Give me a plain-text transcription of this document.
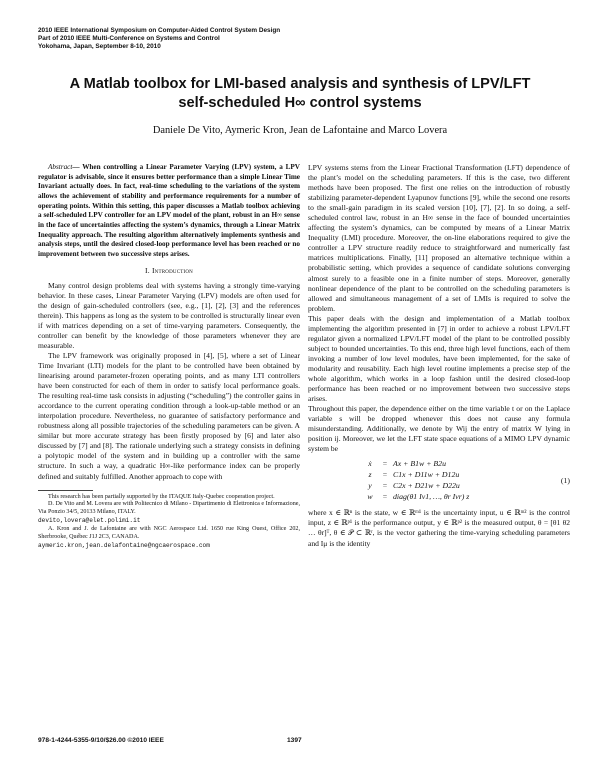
2010 IEEE International Symposium on Computer-Aided Control System Design
Part of 2010 IEEE Multi-Conference on Systems and Control
Yokohama, Japan, September 8-10, 2010
A Matlab toolbox for LMI-based analysis and synthesis of LPV/LFT
self-scheduled H∞ control systems
Daniele De Vito, Aymeric Kron, Jean de Lafontaine and Marco Lovera

Abstract— When controlling a Linear Parameter Varying (LPV) system, a LPV regulator is advisable, since it ensures better performance than a simple Linear Time Invariant actually does. In fact, real-time scheduling to the variations of the system allows the achievement of stability and performance requirements for a number of operating points. Within this setting, this paper discusses a Matlab toolbox achieving a self-scheduled LPV controller for an LPV model of the plant, robust in an H∞ sense in the face of uncertainties affecting the system’s dynamics, through a Linear Matrix Inequality approach. The resulting algorithm alternatively implements synthesis and analysis steps, until the desired closed-loop performance level has been reached or no improvement between two successive steps arises.

I. Introduction

Many control design problems deal with systems having a strongly time-varying behavior. In these cases, Linear Parameter Varying (LPV) models are often used for the design of gain-scheduled controllers (see, e.g., [1], [2], [3] and the references therein). This happens as long as the system to be controlled is structurally linear even if with matrices depending on a set of time-varying parameters. Consequently, the controller can benefit by the knowledge of those parameters whenever they are measurable.

The LPV framework was originally proposed in [4], [5], where a set of Linear Time Invariant (LTI) models for the plant to be controlled have been obtained by linearising around parameter-frozen operating points, and as many LTI controllers have been constructed for each of them in order to satisfy local performance goals. The resulting real-time task consists in adjusting (“scheduling”) the controller gains in accordance to the current operating condition through a look-up-table method or an interpolation procedure. Nevertheless, no guarantee of satisfactory performance and robustness along all possible trajectories of the scheduling parameters can be given. A similar but more accurate strategy has been firstly proposed by [6] and later also discussed by [7] and [8]. The rationale underlying such a strategy consists in defining a polytopic model of the system and in building up a controller with the same structure. In such a way, a quadratic H∞-like performance index can be properly defined and suitably fulfilled. Another approach to cope with

This research has been partially supported by the ITAQUE Italy-Quebec cooperation project.

D. De Vito and M. Lovera are with Politecnico di Milano - Dipartimento di Elettronica e Informazione, Via Ponzio 34/5, 20133 Milano, ITALY.

devito,lovera@elet.polimi.it

A. Kron and J. de Lafontaine are with NGC Aerospace Ltd. 1650 rue King Ouest, Office 202, Sherbrooke, Québec J1J 2C3, CANADA.

aymeric.kron,jean.delafontaine@ngcaerospace.com

LPV systems stems from the Linear Fractional Transformation (LFT) dependence of the plant’s model on the scheduling parameters. If this is the case, two different methods have been proposed. The first one relies on the introduction of robustly stabilizing parameter-dependent Lyapunov functions [9], while the second one resorts to the small-gain paradigm in its scaled version [10], [7], [2]. In so doing, a self-scheduled control law, robust in an H∞ sense in the face of bounded uncertainties affecting the system’s dynamics, can be computed by means of a Linear Matrix Inequality (LMI) procedure. Moreover, the on-line elaborations required to give the controller a LPV structure readily reduce to straightforward and numerically fast matrices multiplications. Finally, [11] proposed an alternative technique within a probabilistic setting, which provides a sequence of candidate solutions converging almost surely to a feasible one in a finite number of steps. Moreover, generally nonlinear dependence of the plant to be controlled on the scheduling parameters is allowed and simultaneous management of a set of LMIs is required to solve the problem.

This paper deals with the design and implementation of a Matlab toolbox implementing the algorithm presented in [7] in order to achieve a robust LPV/LFT regulator given a normalized LPV/LFT model of the plant to be controlled possibly subject to bounded uncertainties. To this end, three high level functions, each of them invoking a number of low level modules, have been implemented, for the sake of modularity and reusability. Each high level routine implements a precise step of the whole algorithm, which works in a loop fashion until the desired closed-loop performance has been reached or no improvement between two successive steps arises.

Throughout this paper, the dependence either on the time variable t or on the Laplace variable s will be dropped whenever this does not cause any formula misunderstanding. Additionally, we denote by Wij the entry of matrix W lying in position ij. Moreover, we let the LFT state space equations of a MIMO LPV dynamic system be

ẋ	= Ax + B1w + B2u
z	= C1x + D11w + D12u
y	= C2x + D21w + D22u
w	= diag(θ1 Iν1, …, θr Iνr) z
(1)

where x ∈ ℝⁿ is the state, w ∈ ℝᵐ¹ is the uncertainty input, u ∈ ℝᵐ² is the control input, z ∈ ℝᵖ¹ is the performance output, y ∈ ℝᵖ² is the measured output, θ = [θ1 θ2 … θr]ᵀ, θ ∈ 𝒫 ⊂ ℝʳ, is the vector gathering the time-varying scheduling parameters and Iμ is the identity

978-1-4244-5355-9/10/$26.00 ©2010 IEEE	1397
